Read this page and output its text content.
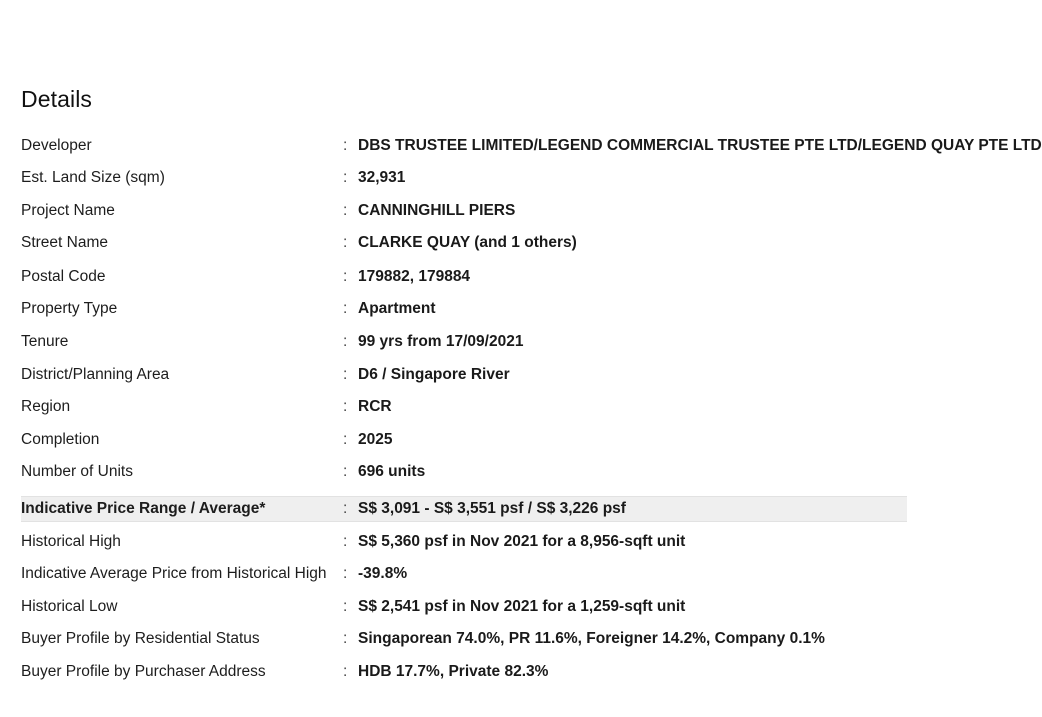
Details
Developer	: DBS TRUSTEE LIMITED/LEGEND COMMERCIAL TRUSTEE PTE LTD/LEGEND QUAY PTE LTD
Est. Land Size (sqm)	: 32,931
Project Name	: CANNINGHILL PIERS
Street Name	: CLARKE QUAY (and 1 others)
Postal Code	: 179882, 179884
Property Type	: Apartment
Tenure	: 99 yrs from 17/09/2021
District/Planning Area	: D6 / Singapore River
Region	: RCR
Completion	: 2025
Number of Units	: 696 units
Indicative Price Range / Average*	: S$ 3,091 - S$ 3,551 psf / S$ 3,226 psf
Historical High	: S$ 5,360 psf in Nov 2021 for a 8,956-sqft unit
Indicative Average Price from Historical High : -39.8%
Historical Low	: S$ 2,541 psf in Nov 2021 for a 1,259-sqft unit
Buyer Profile by Residential Status	: Singaporean 74.0%, PR 11.6%, Foreigner 14.2%, Company 0.1%
Buyer Profile by Purchaser Address	: HDB 17.7%, Private 82.3%
